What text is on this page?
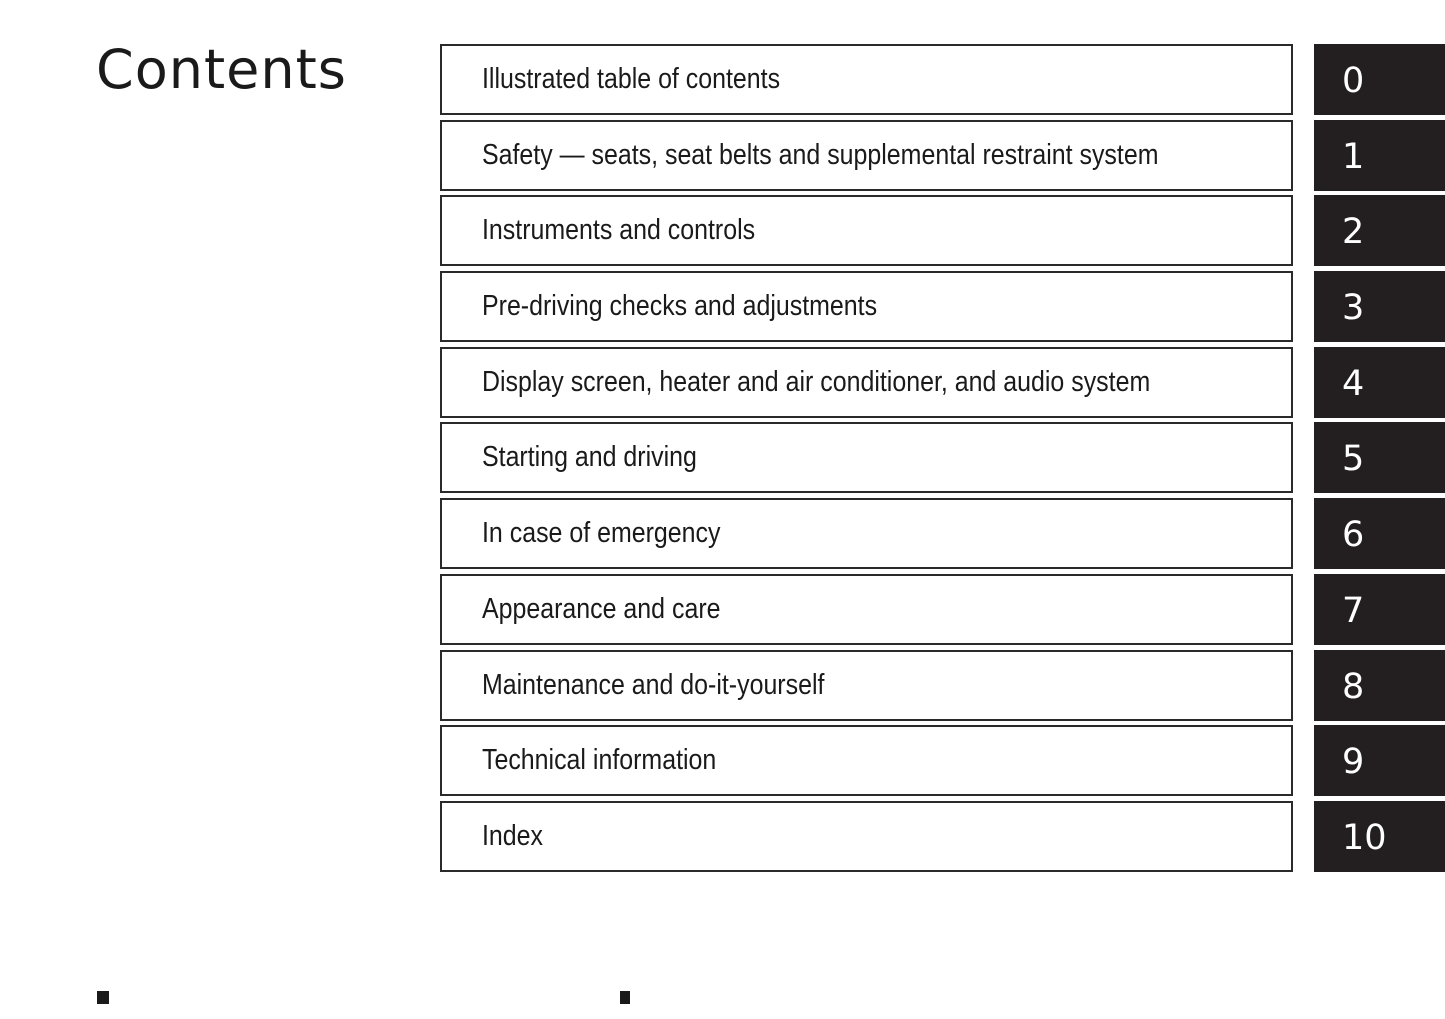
Contents	Illustrated table of contents	0
Safety — seats, seat belts and supplemental restraint system	1
Instruments and controls	2
Pre-driving checks and adjustments	3
Display screen, heater and air conditioner, and audio system	4
Starting and driving	5
In case of emergency	6
Appearance and care	7
Maintenance and do-it-yourself	8
Technical information	9
Index	10
